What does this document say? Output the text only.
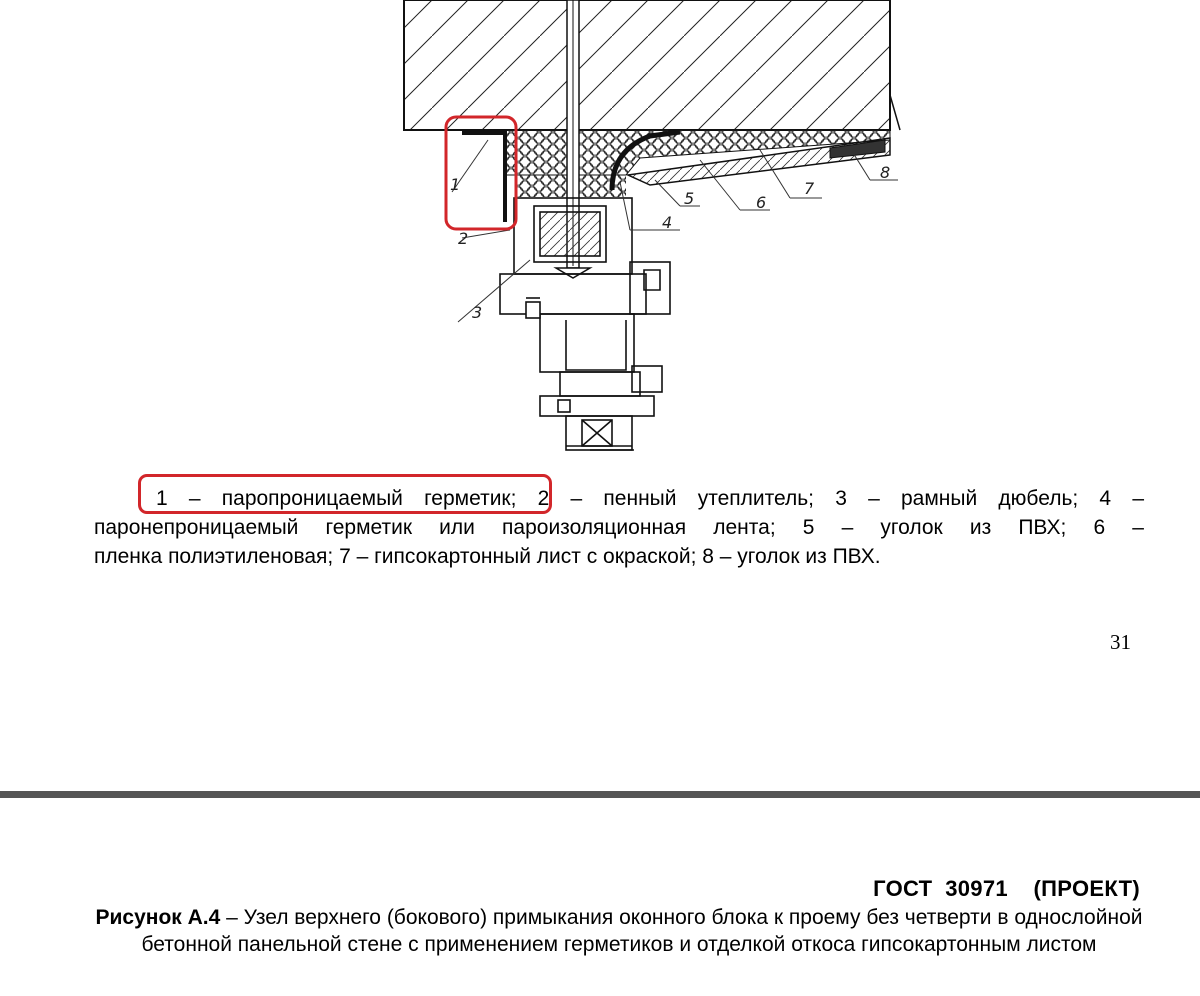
1
2
3
4
5	6
7
8
1 – паропроницаемый герметик; 2 – пенный утеплитель; 3 – рамный дюбель; 4 –
паронепроницаемый герметик или пароизоляционная лента; 5 – уголок из ПВХ; 6 –
пленка полиэтиленовая; 7 – гипсокартонный лист с окраской; 8 – уголок из ПВХ.
31
ГОСТ  30971    (ПРОЕКТ)
Рисунок А.4 – Узел верхнего (бокового) примыкания оконного блока к проему без четверти в однослойной бетонной панельной стене с применением герметиков и отделкой откоса гипсокартонным листом
